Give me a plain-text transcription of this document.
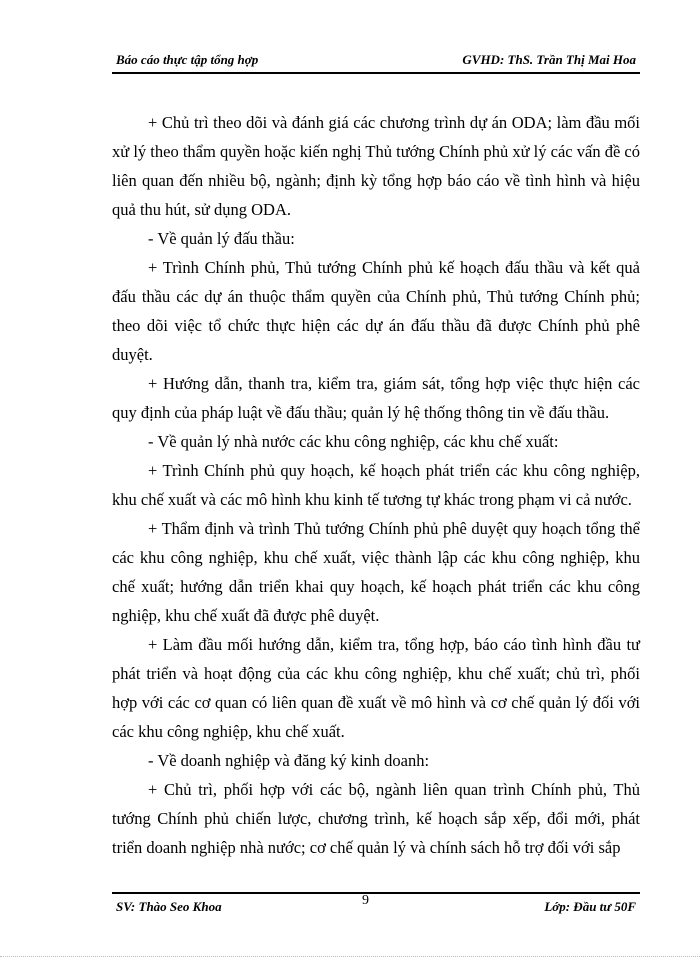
Báo cáo thực tập tổng hợp	GVHD: ThS. Trần Thị Mai Hoa

+ Chủ trì theo dõi và đánh giá các chương trình dự án ODA; làm đầu mối xử lý theo thẩm quyền hoặc kiến nghị Thủ tướng Chính phủ xử lý các vấn đề có liên quan đến nhiều bộ, ngành; định kỳ tổng hợp báo cáo về tình hình và hiệu quả thu hút, sử dụng ODA.

- Về quản lý đấu thầu:

+ Trình Chính phủ, Thủ tướng Chính phủ kế hoạch đấu thầu và kết quả đấu thầu các dự án thuộc thẩm quyền của Chính phủ, Thủ tướng Chính phủ; theo dõi việc tổ chức thực hiện các dự án đấu thầu đã được Chính phủ phê duyệt.

+ Hướng dẫn, thanh tra, kiểm tra, giám sát, tổng hợp việc thực hiện các quy định của pháp luật về đấu thầu; quản lý hệ thống thông tin về đấu thầu.

- Về quản lý nhà nước các khu công nghiệp, các khu chế xuất:

+ Trình Chính phủ quy hoạch, kế hoạch phát triển các khu công nghiệp, khu chế xuất và các mô hình khu kinh tế tương tự khác trong phạm vi cả nước.

+ Thẩm định và trình Thủ tướng Chính phủ phê duyệt quy hoạch tổng thể các khu công nghiệp, khu chế xuất, việc thành lập các khu công nghiệp, khu chế xuất; hướng dẫn triển khai quy hoạch, kế hoạch phát triển các khu công nghiệp, khu chế xuất đã được phê duyệt.

+ Làm đầu mối hướng dẫn, kiểm tra, tổng hợp, báo cáo tình hình đầu tư phát triển và hoạt động của các khu công nghiệp, khu chế xuất; chủ trì, phối hợp với các cơ quan có liên quan đề xuất về mô hình và cơ chế quản lý đối với các khu công nghiệp, khu chế xuất.

- Về doanh nghiệp và đăng ký kinh doanh:

+ Chủ trì, phối hợp với các bộ, ngành liên quan trình Chính phủ, Thủ tướng Chính phủ chiến lược, chương trình, kế hoạch sắp xếp, đổi mới, phát triển doanh nghiệp nhà nước; cơ chế quản lý và chính sách hỗ trợ đối với sắp

SV: Thào Seo Khoa	9	Lớp: Đầu tư 50F
